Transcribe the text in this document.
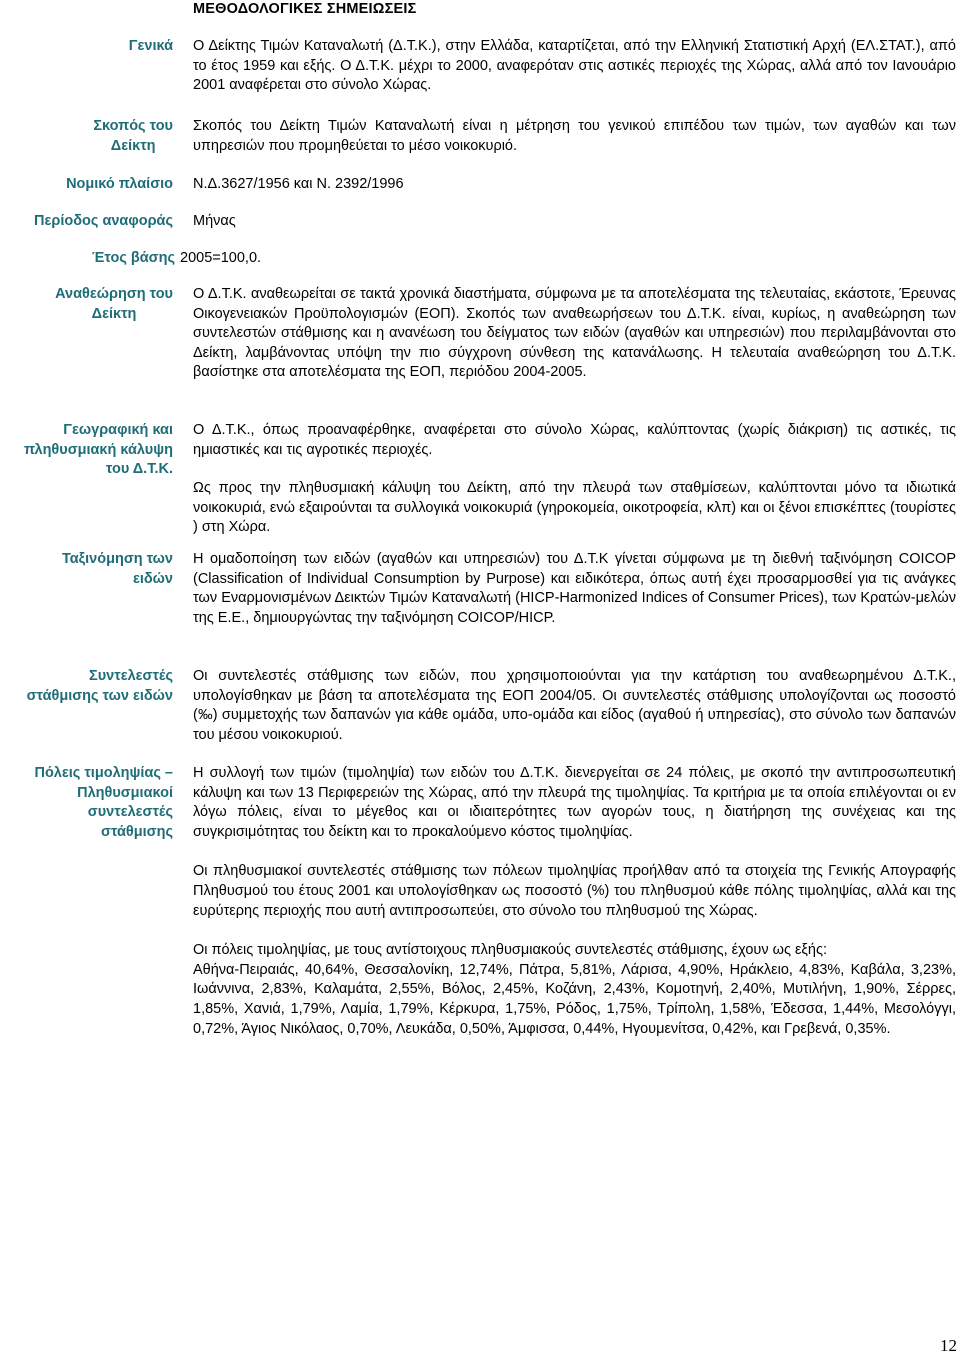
ΜΕΘΟΔΟΛΟΓΙΚΕΣ ΣΗΜΕΙΩΣΕΙΣ
Γενικά Ο Δείκτης Τιμών Καταναλωτή (Δ.Τ.Κ.), στην Ελλάδα, καταρτίζεται, από την Ελληνική Στατιστική Αρχή (ΕΛ.ΣΤΑΤ.), από το έτος 1959 και εξής. Ο Δ.Τ.Κ. μέχρι το 2000, αναφερόταν στις αστικές περιοχές της Χώρας, αλλά από τον Ιανουάριο 2001 αναφέρεται στο σύνολο Χώρας.

Σκοπός του
Δείκτη

Σκοπός του Δείκτη Τιμών Καταναλωτή είναι η μέτρηση του γενικού επιπέδου των τιμών, των αγαθών και των υπηρεσιών που προμηθεύεται το μέσο νοικοκυριό.

Νομικό πλαίσιο Ν.Δ.3627/1956 και Ν. 2392/1996

Περίοδος αναφοράς Μήνας

Έτος βάσης 2005=100,0.

Αναθεώρηση του
Δείκτη

Ο Δ.Τ.Κ. αναθεωρείται σε τακτά χρονικά διαστήματα, σύμφωνα με τα αποτελέσματα της τελευταίας, εκάστοτε, Έρευνας Οικογενειακών Προϋπολογισμών (ΕΟΠ). Σκοπός των αναθεωρήσεων του Δ.Τ.Κ. είναι, κυρίως, η αναθεώρηση των συντελεστών στάθμισης και η ανανέωση του δείγματος των ειδών (αγαθών και υπηρεσιών) που περιλαμβάνονται στο Δείκτη, λαμβάνοντας υπόψη την πιο σύγχρονη σύνθεση της κατανάλωσης. Η τελευταία αναθεώρηση του Δ.Τ.Κ. βασίστηκε στα αποτελέσματα της ΕΟΠ, περιόδου 2004-2005.

Γεωγραφική και
πληθυσμιακή κάλυψη
του Δ.Τ.Κ.

Ο Δ.Τ.Κ., όπως προαναφέρθηκε, αναφέρεται στο σύνολο Χώρας, καλύπτοντας (χωρίς διάκριση) τις αστικές, τις ημιαστικές και τις αγροτικές περιοχές.

Ως προς την πληθυσμιακή κάλυψη του Δείκτη, από την πλευρά των σταθμίσεων, καλύπτονται μόνο τα ιδιωτικά νοικοκυριά, ενώ εξαιρούνται τα συλλογικά νοικοκυριά (γηροκομεία, οικοτροφεία, κλπ) και οι ξένοι επισκέπτες (τουρίστες ) στη Χώρα.

Ταξινόμηση των
ειδών

Η ομαδοποίηση των ειδών (αγαθών και υπηρεσιών) του Δ.Τ.Κ γίνεται σύμφωνα με τη διεθνή ταξινόμηση COICOP (Classification of Individual Consumption by Purpose) και ειδικότερα, όπως αυτή έχει προσαρμοσθεί για τις ανάγκες των Εναρμονισμένων Δεικτών Τιμών Καταναλωτή (HICP-Harmonized Indices of Consumer Prices), των Κρατών-μελών της Ε.Ε., δημιουργώντας την ταξινόμηση COICOP/HICP.

Συντελεστές
στάθμισης των ειδών

Οι συντελεστές στάθμισης των ειδών, που χρησιμοποιούνται για την κατάρτιση του αναθεωρημένου Δ.Τ.Κ., υπολογίσθηκαν με βάση τα αποτελέσματα της ΕΟΠ 2004/05. Οι συντελεστές στάθμισης υπολογίζονται ως ποσοστό (‰) συμμετοχής των δαπανών για κάθε ομάδα, υπο-ομάδα και είδος (αγαθού ή υπηρεσίας), στο σύνολο των δαπανών του μέσου νοικοκυριού.

Πόλεις τιμοληψίας –
Πληθυσμιακοί
συντελεστές
στάθμισης

Η συλλογή των τιμών (τιμοληψία) των ειδών του Δ.Τ.Κ. διενεργείται σε 24 πόλεις, με σκοπό την αντιπροσωπευτική κάλυψη και των 13 Περιφερειών της Χώρας, από την πλευρά της τιμοληψίας. Τα κριτήρια με τα οποία επιλέγονται οι εν λόγω πόλεις, είναι το μέγεθος και οι ιδιαιτερότητες των αγορών τους, η διατήρηση της συνέχειας και της συγκρισιμότητας του δείκτη και το προκαλούμενο κόστος τιμοληψίας.

Οι πληθυσμιακοί συντελεστές στάθμισης των πόλεων τιμοληψίας προήλθαν από τα στοιχεία της Γενικής Απογραφής Πληθυσμού του έτους 2001 και υπολογίσθηκαν ως ποσοστό (%) του πληθυσμού κάθε πόλης τιμοληψίας, αλλά και της ευρύτερης περιοχής που αυτή αντιπροσωπεύει, στο σύνολο του πληθυσμού της Χώρας.

Οι πόλεις τιμοληψίας, με τους αντίστοιχους πληθυσμιακούς συντελεστές στάθμισης, έχουν ως εξής:

Αθήνα-Πειραιάς, 40,64%, Θεσσαλονίκη, 12,74%, Πάτρα, 5,81%, Λάρισα, 4,90%, Ηράκλειο, 4,83%, Καβάλα, 3,23%, Ιωάννινα, 2,83%, Καλαμάτα, 2,55%, Βόλος, 2,45%, Κοζάνη, 2,43%, Κομοτηνή, 2,40%, Μυτιλήνη, 1,90%, Σέρρες, 1,85%, Χανιά, 1,79%, Λαμία, 1,79%, Κέρκυρα, 1,75%, Ρόδος, 1,75%, Τρίπολη, 1,58%, Έδεσσα, 1,44%, Μεσολόγγι, 0,72%, Άγιος Νικόλαος, 0,70%, Λευκάδα, 0,50%, Άμφισσα, 0,44%, Ηγουμενίτσα, 0,42%, και Γρεβενά, 0,35%.

12
